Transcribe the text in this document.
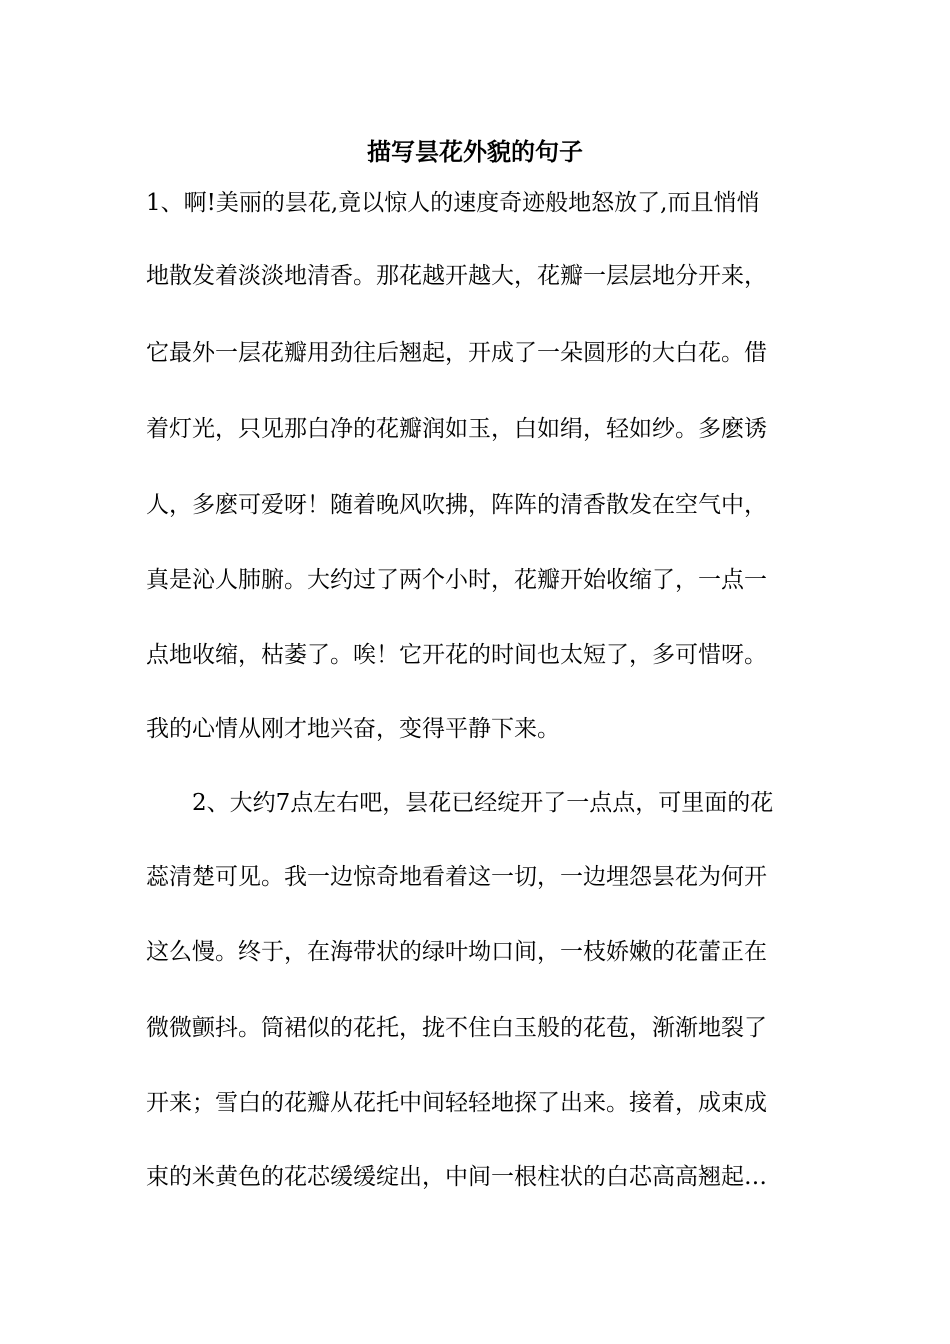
描写昙花外貌的句子

1、啊!美丽的昙花,竟以惊人的速度奇迹般地怒放了,而且悄悄

地散发着淡淡地清香。那花越开越大，花瓣一层层地分开来，

它最外一层花瓣用劲往后翘起，开成了一朵圆形的大白花。借

着灯光，只见那白净的花瓣润如玉，白如绢，轻如纱。多麽诱

人，多麽可爱呀！随着晚风吹拂，阵阵的清香散发在空气中，

真是沁人肺腑。大约过了两个小时，花瓣开始收缩了，一点一

点地收缩，枯萎了。唉！它开花的时间也太短了，多可惜呀。

我的心情从刚才地兴奋，变得平静下来。

2、大约7点左右吧，昙花已经绽开了一点点，可里面的花

蕊清楚可见。我一边惊奇地看着这一切，一边埋怨昙花为何开

这么慢。终于，在海带状的绿叶坳口间，一枝娇嫩的花蕾正在

微微颤抖。筒裙似的花托，拢不住白玉般的花苞，渐渐地裂了

开来；雪白的花瓣从花托中间轻轻地探了出来。接着，成束成

束的米黄色的花芯缓缓绽出，中间一根柱状的白芯高高翘起…
